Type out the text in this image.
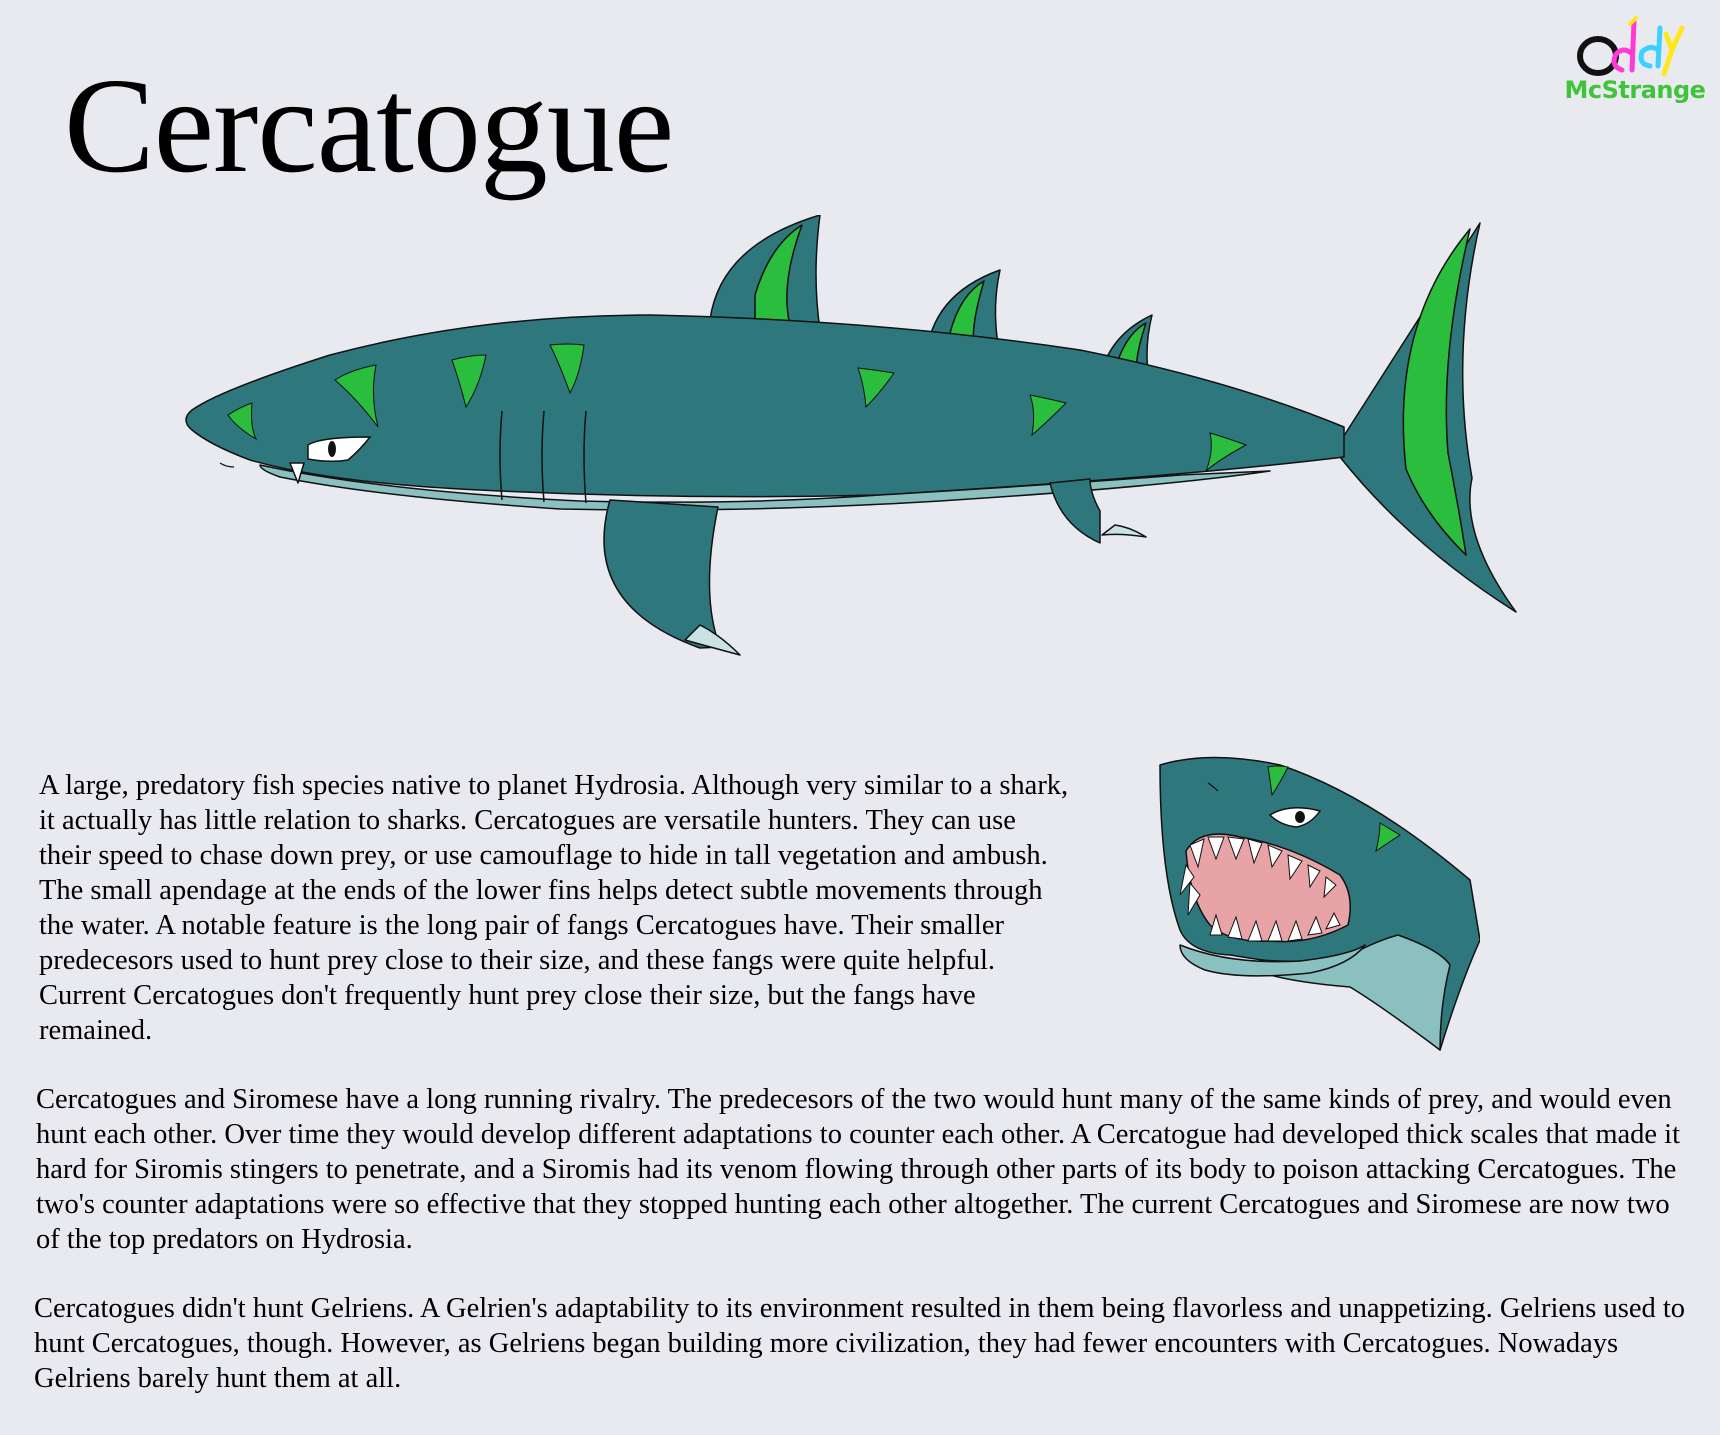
Cercatogue	McStrange

A large, predatory fish species native to planet Hydrosia. Although very similar to a shark, it actually has little relation to sharks. Cercatogues are versatile hunters. They can use their speed to chase down prey, or use camouflage to hide in tall vegetation and ambush. The small apendage at the ends of the lower fins helps detect subtle movements through the water. A notable feature is the long pair of fangs Cercatogues have. Their smaller predecesors used to hunt prey close to their size, and these fangs were quite helpful. Current Cercatogues don't frequently hunt prey close their size, but the fangs have remained.

Cercatogues and Siromese have a long running rivalry. The predecesors of the two would hunt many of the same kinds of prey, and would even hunt each other. Over time they would develop different adaptations to counter each other. A Cercatogue had developed thick scales that made it hard for Siromis stingers to penetrate, and a Siromis had its venom flowing through other parts of its body to poison attacking Cercatogues. The two's counter adaptations were so effective that they stopped hunting each other altogether. The current Cercatogues and Siromese are now two of the top predators on Hydrosia.

Cercatogues didn't hunt Gelriens. A Gelrien's adaptability to its environment resulted in them being flavorless and unappetizing. Gelriens used to hunt Cercatogues, though. However, as Gelriens began building more civilization, they had fewer encounters with Cercatogues. Nowadays Gelriens barely hunt them at all.
